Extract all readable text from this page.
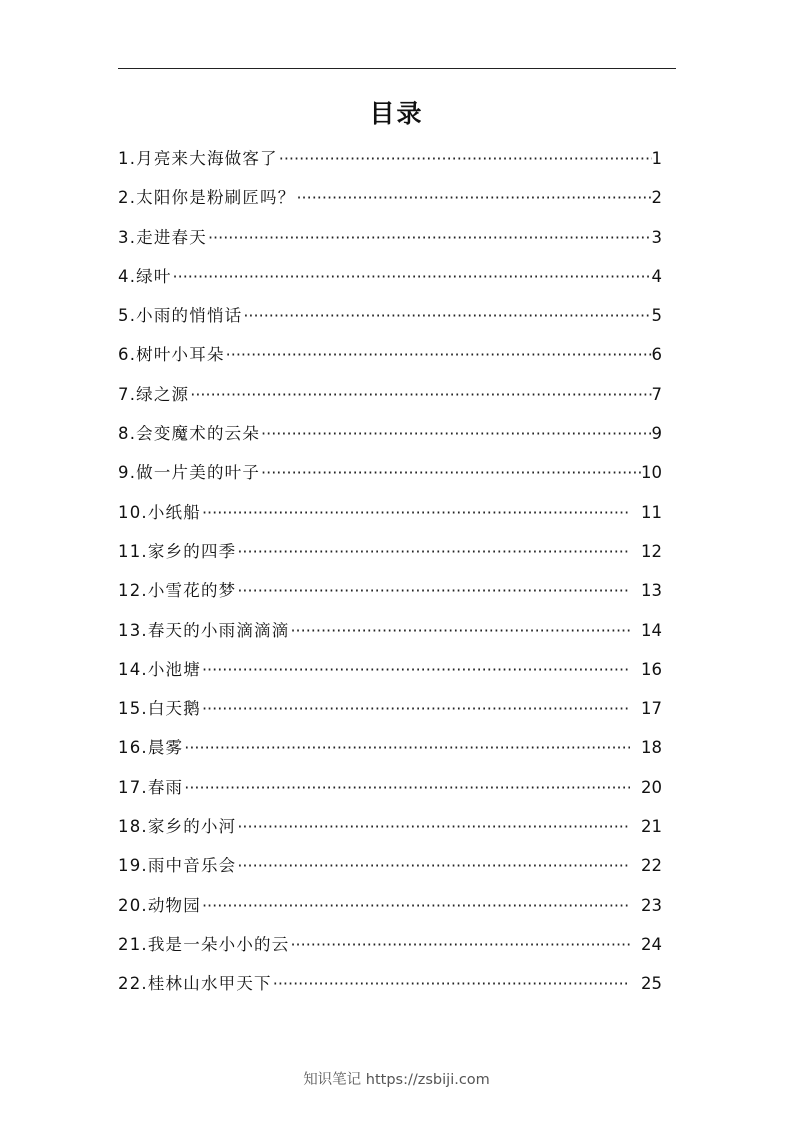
目录
1.月亮来大海做客了 ·····	1
2.太阳你是粉刷匠吗？ ·····	2
3.走进春天 ·····	3
4.绿叶 ·····	4
5.小雨的悄悄话 ·····	5
6.树叶小耳朵 ·····	6
7.绿之源 ·····	7
8.会变魔术的云朵 ·····	9
9.做一片美的叶子 ·····	10
10.小纸船 ·····	11
11.家乡的四季 ·····	12
12.小雪花的梦 ·····	13
13.春天的小雨滴滴滴 ·····	14
14.小池塘 ·····	16
15.白天鹅 ·····	17
16.晨雾 ·····	18
17.春雨 ·····	20
18.家乡的小河 ·····	21
19.雨中音乐会 ·····	22
20.动物园 ·····	23
21.我是一朵小小的云 ·····	24
22.桂林山水甲天下 ·····	25
知识笔记 https://zsbiji.com
